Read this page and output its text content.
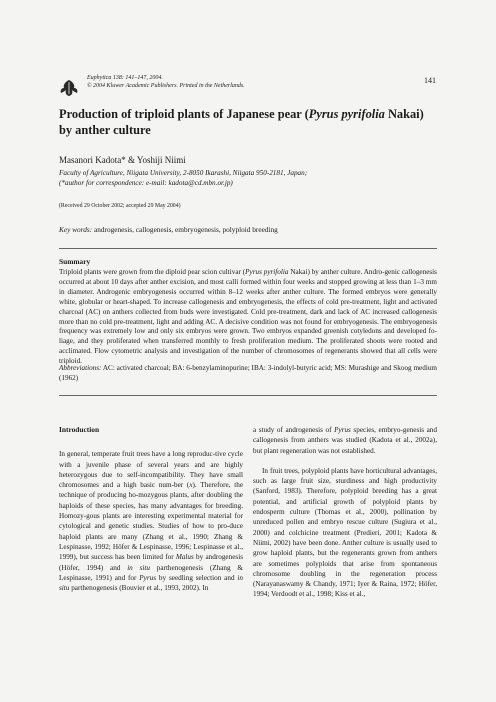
Euphytica 138: 141–147, 2004.
© 2004 Kluwer Academic Publishers. Printed in the Netherlands.
141
Production of triploid plants of Japanese pear (Pyrus pyrifolia Nakai) by anther culture
Masanori Kadota* & Yoshiji Niimi
Faculty of Agriculture, Niigata University, 2-8050 Ikarashi, Niigata 950-2181, Japan;
(*author for correspondence: e-mail: kadota@cd.mbn.or.jp)
(Received 29 October 2002; accepted 29 May 2004)
Key words: androgenesis, callogenesis, embryogenesis, polyploid breeding
Summary

Triploid plants were grown from the diploid pear scion cultivar (Pyrus pyrifolia Nakai) by anther culture. Andro-genic callogenesis occurred at about 10 days after anther excision, and most calli formed within four weeks and stopped growing at less than 1–3 mm in diameter. Androgenic embryogenesis occurred within 8–12 weeks after anther culture. The formed embryos were generally white, globular or heart-shaped. To increase callogenesis and embryogenesis, the effects of cold pre-treatment, light and activated charcoal (AC) on anthers collected from buds were investigated. Cold pre-treatment, dark and lack of AC increased callogenesis more than no cold pre-treatment, light and adding AC. A decisive condition was not found for embryogenesis. The embryogenesis frequency was extremely low and only six embryos were grown. Two embryos expanded greenish cotyledons and developed fo-liage, and they proliferated when transferred monthly to fresh proliferation medium. The proliferated shoots were rooted and acclimated. Flow cytometric analysis and investigation of the number of chromosomes of regenerants showed that all cells were triploid.

Abbreviations: AC: activated charcoal; BA: 6-benzylaminopurine; IBA: 3-indolyl-butyric acid; MS: Murashige and Skoog medium (1962)

Introduction

In general, temperate fruit trees have a long reproduc-tive cycle with a juvenile phase of several years and are highly heterozygous due to self-incompatibility. They have small chromosomes and a high basic num-ber (x). Therefore, the technique of producing ho-mozygous plants, after doubling the haploids of these species, has many advantages for breeding. Homozy-gous plants are interesting experimental material for cytological and genetic studies. Studies of how to pro-duce haploid plants are many (Zhang et al., 1990; Zhang & Lespinasse, 1992; Höfer & Lespinasse, 1996; Lespinasse et al., 1999), but success has been limited for Malus by androgenesis (Höfer, 1994) and in situ parthenogenesis (Zhang & Lespinasse, 1991) and for Pyrus by seedling selection and in situ parthenogenesis (Bouvier et al., 1993, 2002). In

a study of androgenesis of Pyrus species, embryo-genesis and callogenesis from anthers was studied (Kadota et al., 2002a), but plant regeneration was not established.

In fruit trees, polyploid plants have horticultural advantages, such as large fruit size, sturdiness and high productivity (Sanford, 1983). Therefore, polyploid breeding has a great potential, and artificial growth of polyploid plants by endosperm culture (Thomas et al., 2000), pollination by unreduced pollen and embryo rescue culture (Sugiura et al., 2000) and colchicine treatment (Predieri, 2001; Kadota & Niimi, 2002) have been done. Anther culture is usually used to grow haploid plants, but the regenerants grown from anthers are sometimes polyploids that arise from spontaneous chromosome doubling in the regeneration process (Narayanaswamy & Chandy, 1971; Iyer & Raina, 1972; Höfer, 1994; Verdoodt et al., 1998; Kiss et al.,
